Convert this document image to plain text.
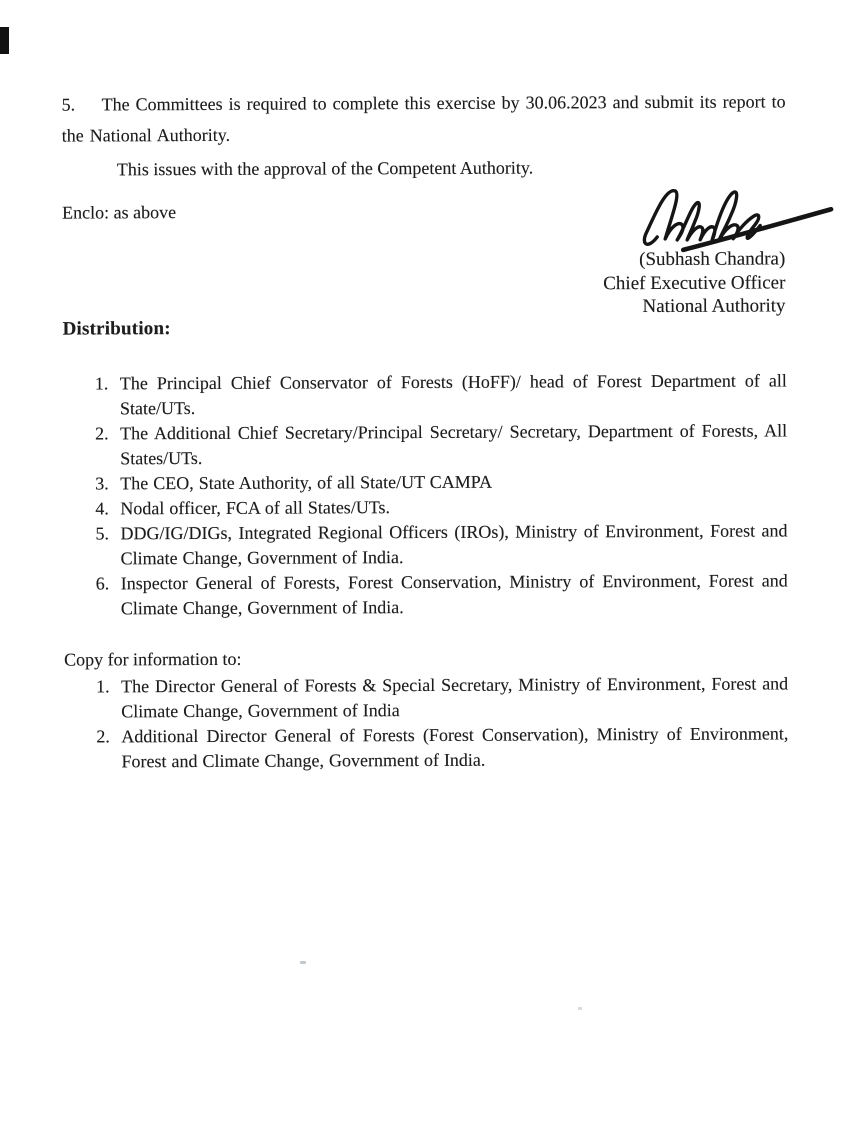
5. The Committees is required to complete this exercise by 30.06.2023 and submit its report to the National Authority.
This issues with the approval of the Competent Authority.
Enclo: as above
(Subhash Chandra)
Chief Executive Officer
National Authority
Distribution:
The Principal Chief Conservator of Forests (HoFF)/ head of Forest Department of all State/UTs.
The Additional Chief Secretary/Principal Secretary/ Secretary, Department of Forests, All States/UTs.
The CEO, State Authority, of all State/UT CAMPA
Nodal officer, FCA of all States/UTs.
DDG/IG/DIGs, Integrated Regional Officers (IROs), Ministry of Environment, Forest and Climate Change, Government of India.
Inspector General of Forests, Forest Conservation, Ministry of Environment, Forest and Climate Change, Government of India.
Copy for information to:
The Director General of Forests & Special Secretary, Ministry of Environment, Forest and Climate Change, Government of India
Additional Director General of Forests (Forest Conservation), Ministry of Environment, Forest and Climate Change, Government of India.
